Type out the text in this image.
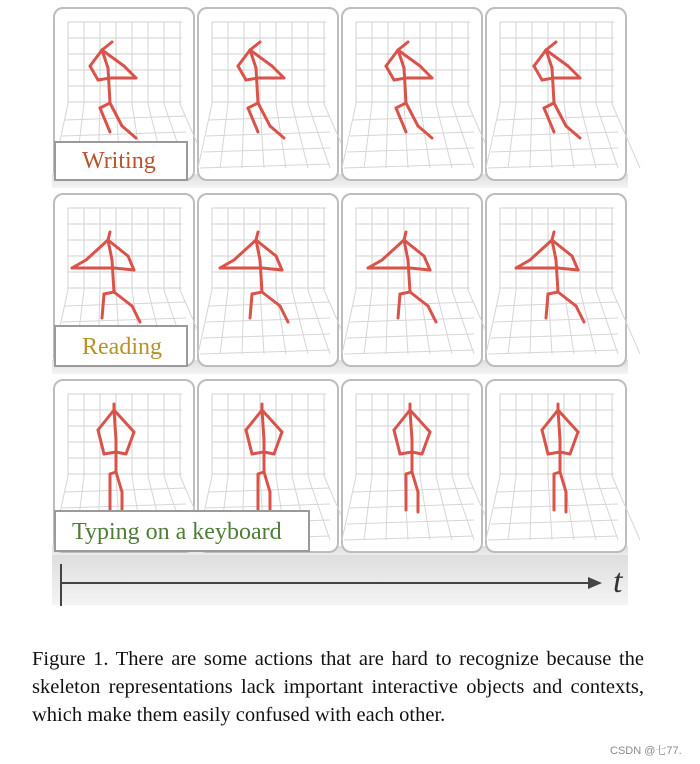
Writing
Reading
Typing on a keyboard
t
Figure 1. There are some actions that are hard to recognize because the skeleton representations lack important interactive objects and contexts, which make them easily confused with each other.
CSDN @七77.
